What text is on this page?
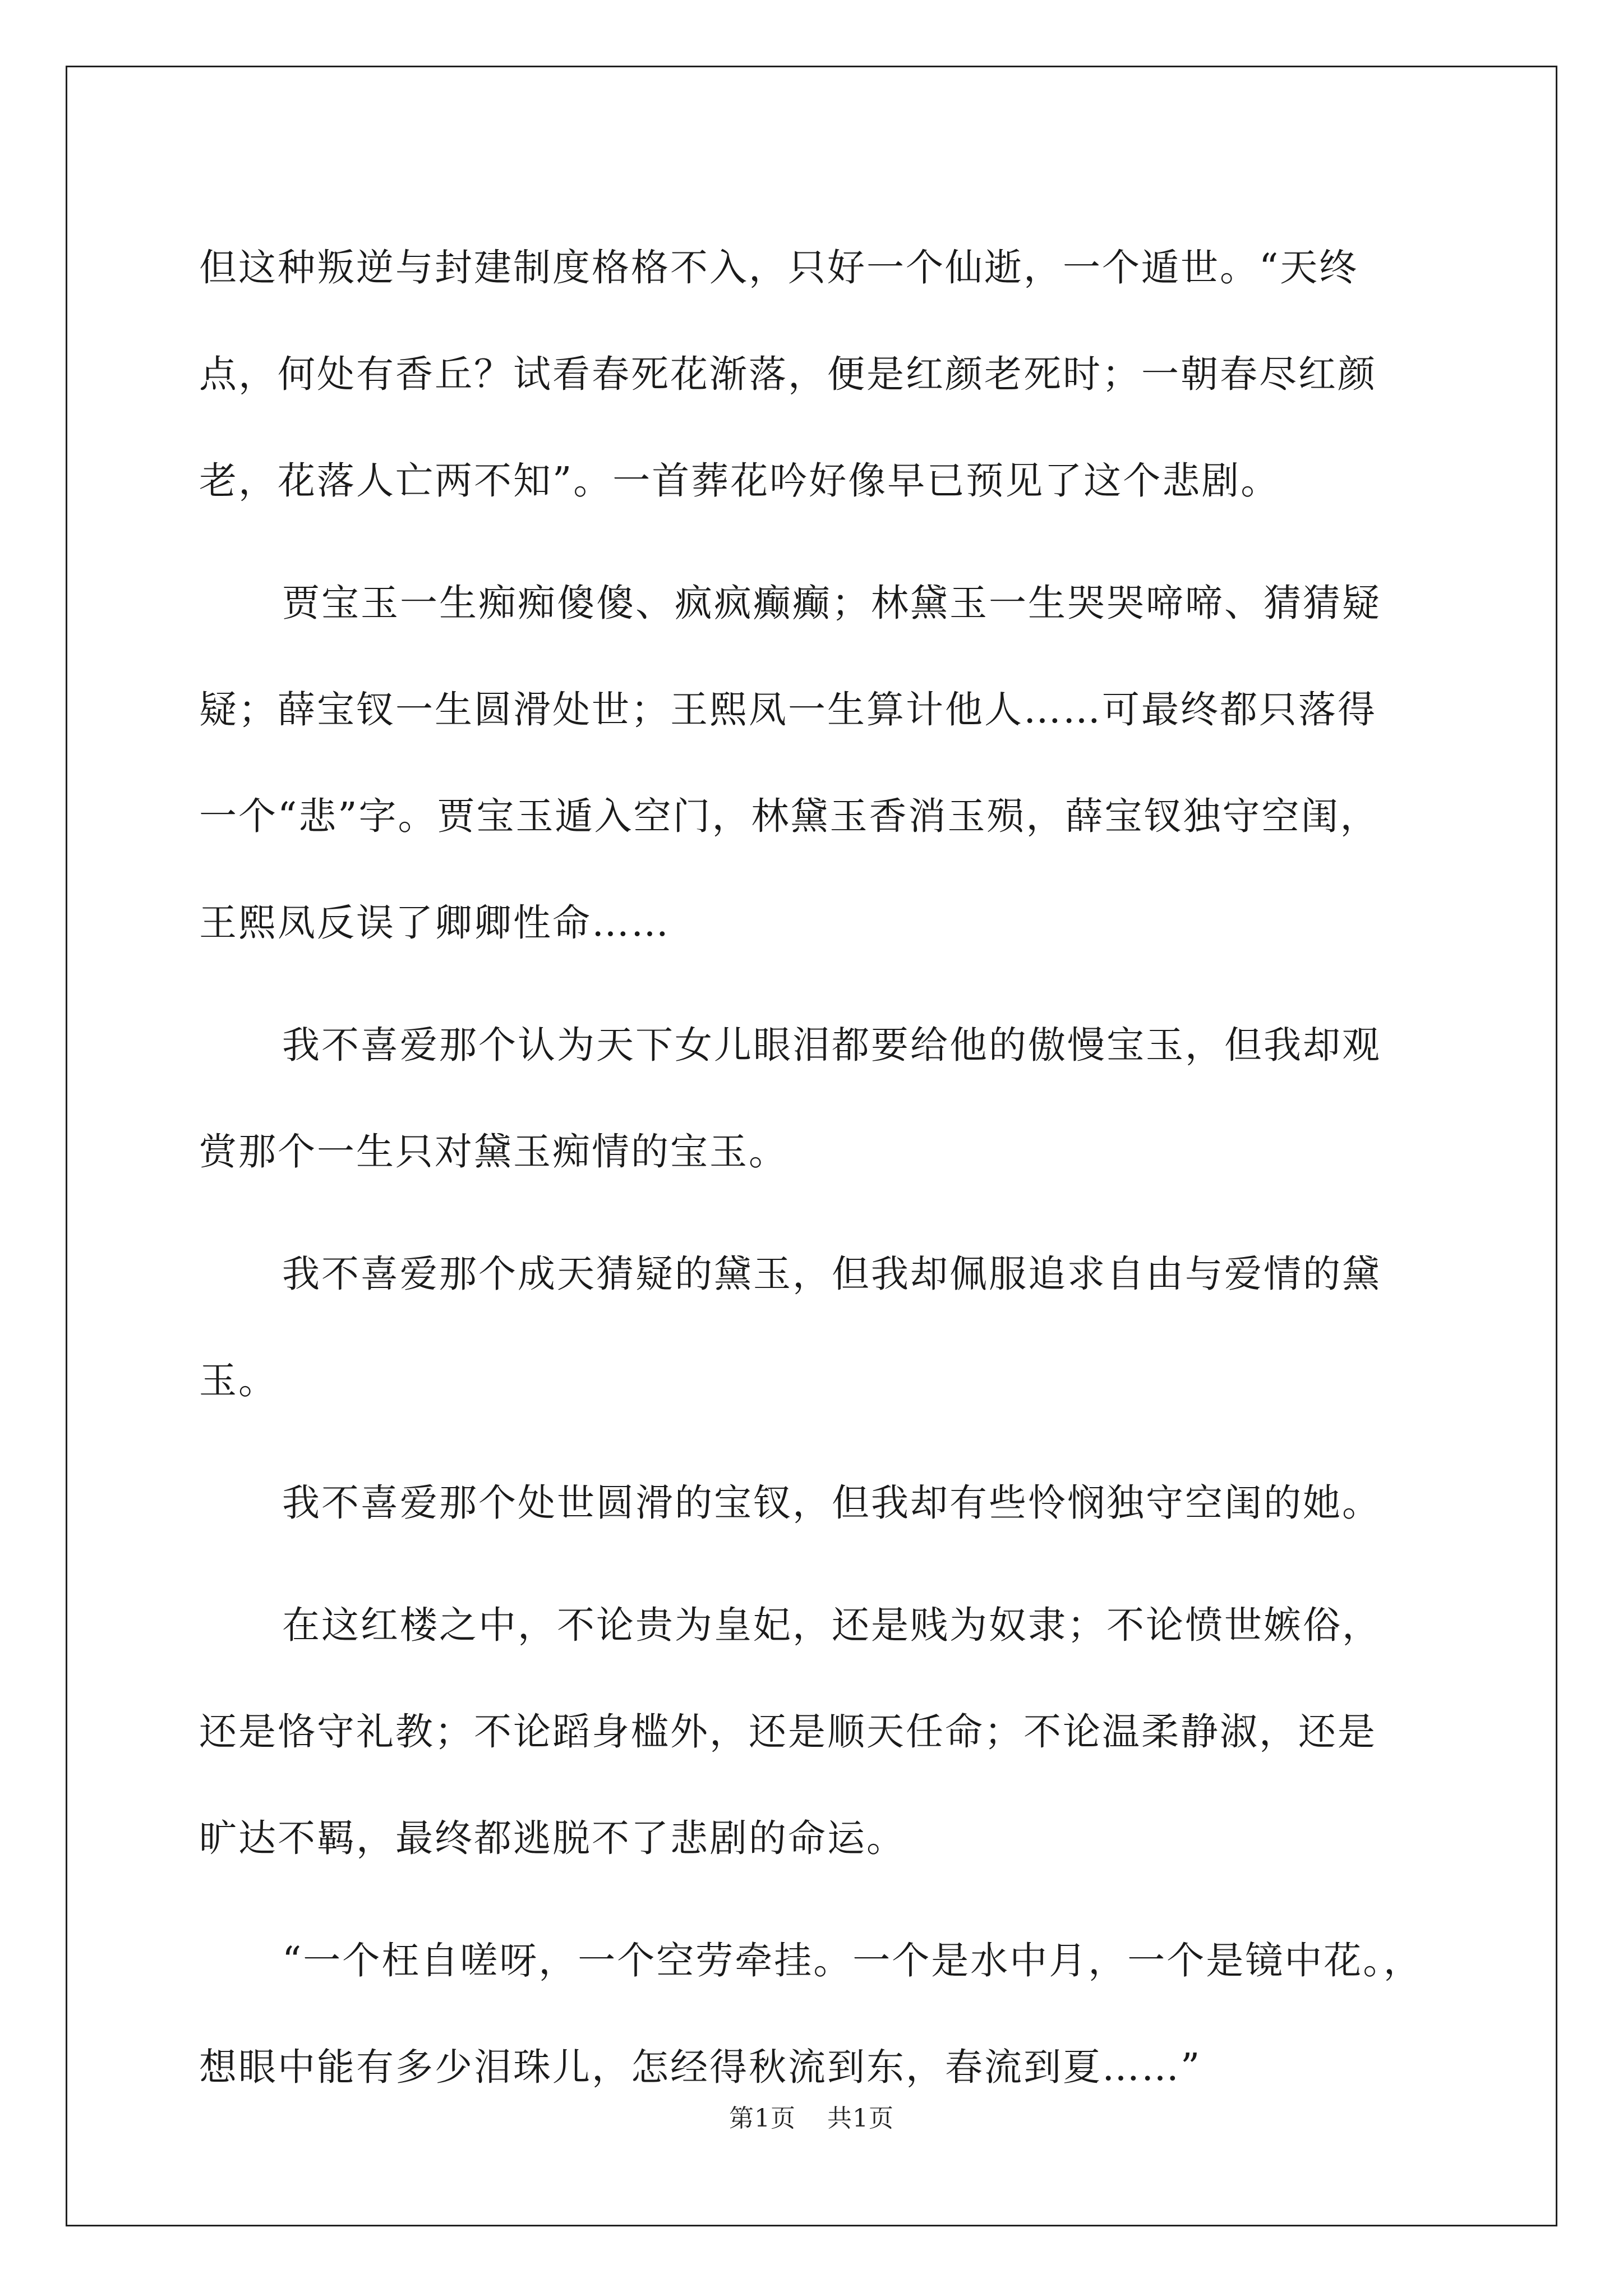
但这种叛逆与封建制度格格不入，只好一个仙逝，一个遁世。“天终
点，何处有香丘？试看春死花渐落，便是红颜老死时；一朝春尽红颜
老，花落人亡两不知”。一首葬花吟好像早已预见了这个悲剧。
贾宝玉一生痴痴傻傻、疯疯癫癫；林黛玉一生哭哭啼啼、猜猜疑
疑；薛宝钗一生圆滑处世；王熙凤一生算计他人……可最终都只落得
一个“悲”字。贾宝玉遁入空门，林黛玉香消玉殒，薛宝钗独守空闺，
王熙凤反误了卿卿性命……
我不喜爱那个认为天下女儿眼泪都要给他的傲慢宝玉，但我却观
赏那个一生只对黛玉痴情的宝玉。
我不喜爱那个成天猜疑的黛玉，但我却佩服追求自由与爱情的黛
玉。
我不喜爱那个处世圆滑的宝钗，但我却有些怜悯独守空闺的她。
在这红楼之中，不论贵为皇妃，还是贱为奴隶；不论愤世嫉俗，
还是恪守礼教；不论蹈身槛外，还是顺天任命；不论温柔静淑，还是
旷达不羁，最终都逃脱不了悲剧的命运。
“一个枉自嗟呀，一个空劳牵挂。一个是水中月，一个是镜中花。，
想眼中能有多少泪珠儿，怎经得秋流到东，春流到夏……”
第1页 共1页
